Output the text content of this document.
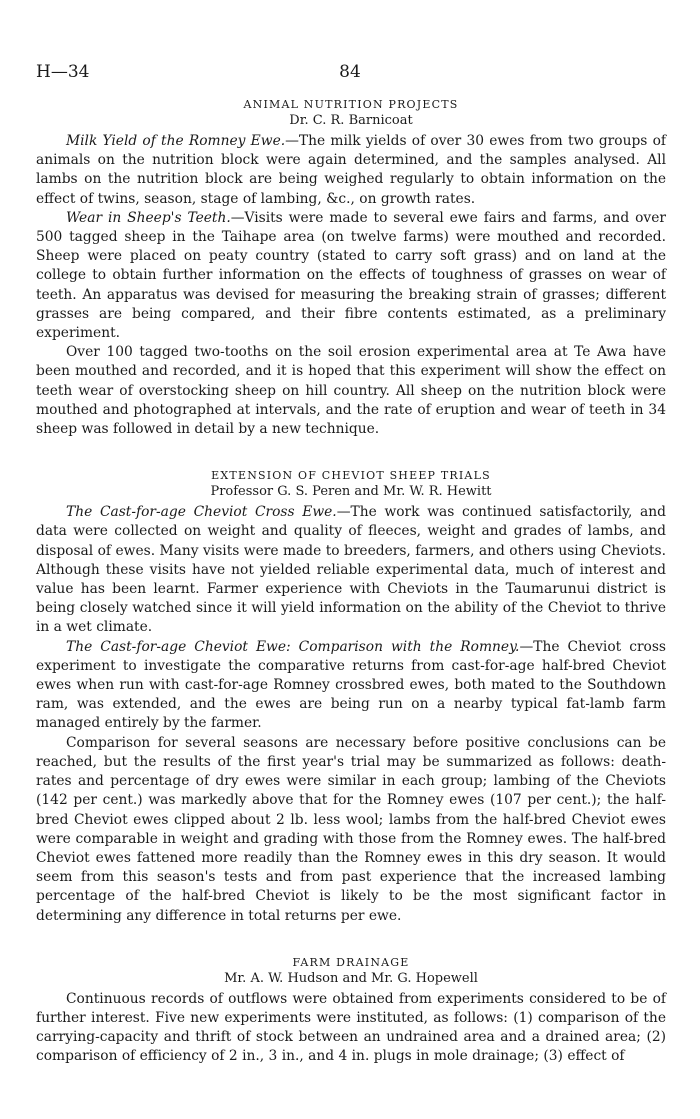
H—34	84
ANIMAL NUTRITION PROJECTS
Dr. C. R. Barnicoat

Milk Yield of the Romney Ewe.—The milk yields of over 30 ewes from two groups of animals on the nutrition block were again determined, and the samples analysed. All lambs on the nutrition block are being weighed regularly to obtain information on the effect of twins, season, stage of lambing, &c., on growth rates.

Wear in Sheep's Teeth.—Visits were made to several ewe fairs and farms, and over 500 tagged sheep in the Taihape area (on twelve farms) were mouthed and recorded. Sheep were placed on peaty country (stated to carry soft grass) and on land at the college to obtain further information on the effects of toughness of grasses on wear of teeth. An apparatus was devised for measuring the breaking strain of grasses; different grasses are being compared, and their fibre contents estimated, as a preliminary experiment.

Over 100 tagged two-tooths on the soil erosion experimental area at Te Awa have been mouthed and recorded, and it is hoped that this experiment will show the effect on teeth wear of overstocking sheep on hill country. All sheep on the nutrition block were mouthed and photographed at intervals, and the rate of eruption and wear of teeth in 34 sheep was followed in detail by a new technique.

EXTENSION OF CHEVIOT SHEEP TRIALS
Professor G. S. Peren and Mr. W. R. Hewitt

The Cast-for-age Cheviot Cross Ewe.—The work was continued satisfactorily, and data were collected on weight and quality of fleeces, weight and grades of lambs, and disposal of ewes. Many visits were made to breeders, farmers, and others using Cheviots. Although these visits have not yielded reliable experimental data, much of interest and value has been learnt. Farmer experience with Cheviots in the Taumarunui district is being closely watched since it will yield information on the ability of the Cheviot to thrive in a wet climate.

The Cast-for-age Cheviot Ewe: Comparison with the Romney.—The Cheviot cross experiment to investigate the comparative returns from cast-for-age half-bred Cheviot ewes when run with cast-for-age Romney crossbred ewes, both mated to the Southdown ram, was extended, and the ewes are being run on a nearby typical fat-lamb farm managed entirely by the farmer.

Comparison for several seasons are necessary before positive conclusions can be reached, but the results of the first year's trial may be summarized as follows: death-rates and percentage of dry ewes were similar in each group; lambing of the Cheviots (142 per cent.) was markedly above that for the Romney ewes (107 per cent.); the half-bred Cheviot ewes clipped about 2 lb. less wool; lambs from the half-bred Cheviot ewes were comparable in weight and grading with those from the Romney ewes. The half-bred Cheviot ewes fattened more readily than the Romney ewes in this dry season. It would seem from this season's tests and from past experience that the increased lambing percentage of the half-bred Cheviot is likely to be the most significant factor in determining any difference in total returns per ewe.

FARM DRAINAGE
Mr. A. W. Hudson and Mr. G. Hopewell

Continuous records of outflows were obtained from experiments considered to be of further interest. Five new experiments were instituted, as follows: (1) comparison of the carrying-capacity and thrift of stock between an undrained area and a drained area; (2) comparison of efficiency of 2 in., 3 in., and 4 in. plugs in mole drainage; (3) effect of
